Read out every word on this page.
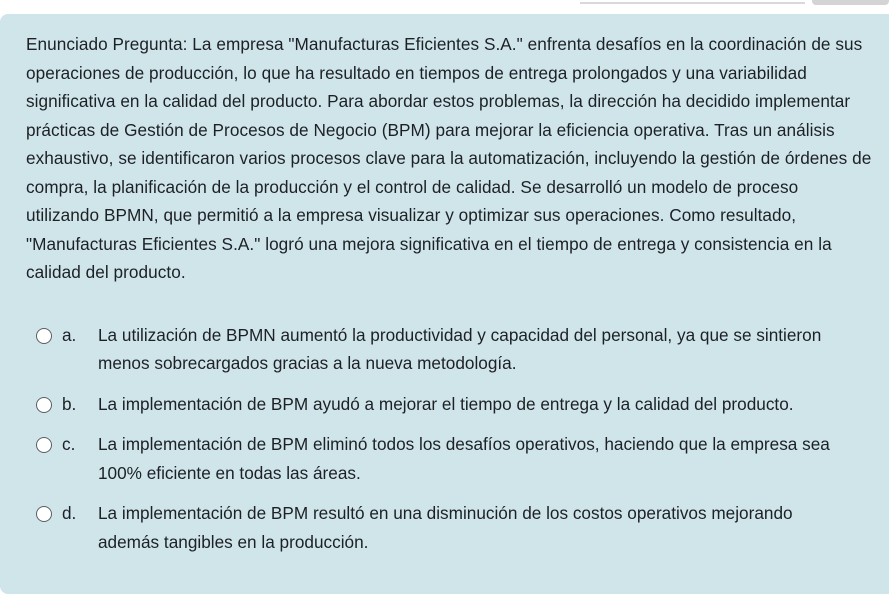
Enunciado Pregunta: La empresa "Manufacturas Eficientes S.A." enfrenta desafíos en la coordinación de sus operaciones de producción, lo que ha resultado en tiempos de entrega prolongados y una variabilidad significativa en la calidad del producto. Para abordar estos problemas, la dirección ha decidido implementar prácticas de Gestión de Procesos de Negocio (BPM) para mejorar la eficiencia operativa. Tras un análisis exhaustivo, se identificaron varios procesos clave para la automatización, incluyendo la gestión de órdenes de compra, la planificación de la producción y el control de calidad. Se desarrolló un modelo de proceso utilizando BPMN, que permitió a la empresa visualizar y optimizar sus operaciones. Como resultado, "Manufacturas Eficientes S.A." logró una mejora significativa en el tiempo de entrega y consistencia en la calidad del producto.

a.	La utilización de BPMN aumentó la productividad y capacidad del personal, ya que se sintieron menos sobrecargados gracias a la nueva metodología.
b.	La implementación de BPM ayudó a mejorar el tiempo de entrega y la calidad del producto.
c.	La implementación de BPM eliminó todos los desafíos operativos, haciendo que la empresa sea 100% eficiente en todas las áreas.
d.	La implementación de BPM resultó en una disminución de los costos operativos mejorando además tangibles en la producción.
